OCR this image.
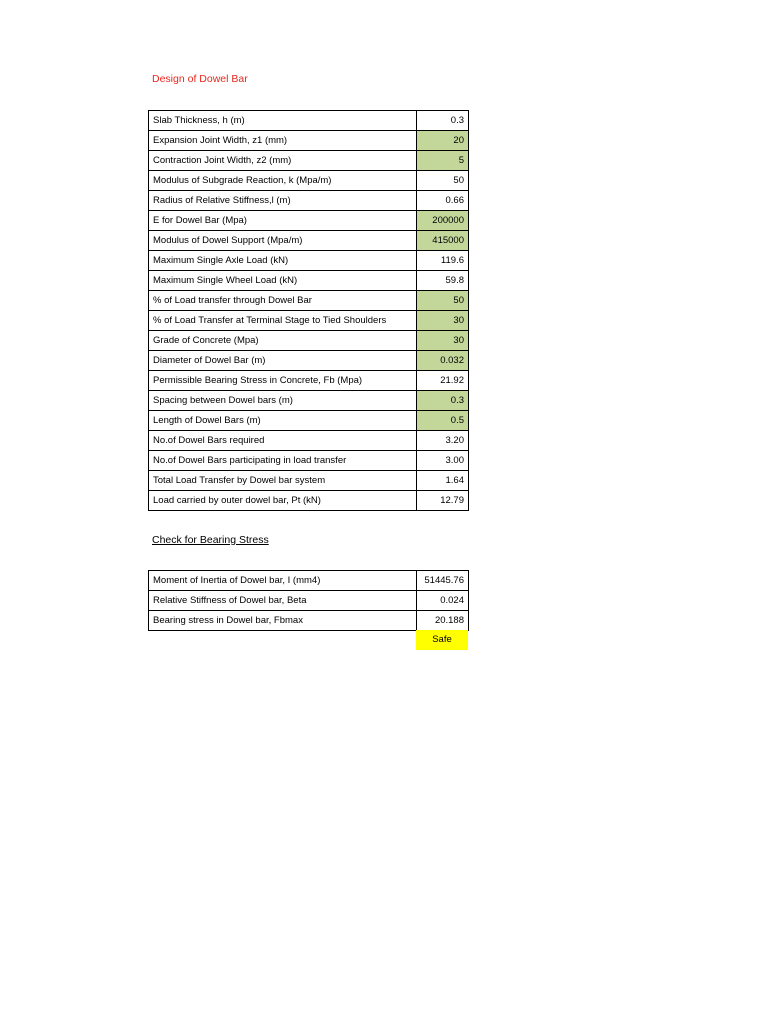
Design of Dowel Bar
Slab Thickness, h (m)	0.3
Expansion Joint Width, z1 (mm)	20
Contraction Joint Width, z2 (mm)	5
Modulus of Subgrade Reaction, k (Mpa/m)	50
Radius of Relative Stiffness,l (m)	0.66
E for Dowel Bar (Mpa)	200000
Modulus of Dowel Support (Mpa/m)	415000
Maximum Single Axle Load (kN)	119.6
Maximum Single Wheel Load (kN)	59.8
% of Load transfer through Dowel Bar	50
% of Load Transfer at Terminal Stage to Tied Shoulders	30
Grade of Concrete (Mpa)	30
Diameter of Dowel Bar (m)	0.032
Permissible Bearing Stress in Concrete, Fb (Mpa)	21.92
Spacing between Dowel bars (m)	0.3
Length of Dowel Bars (m)	0.5
No.of Dowel Bars required	3.20
No.of Dowel Bars participating in load transfer	3.00
Total Load Transfer by Dowel bar system	1.64
Load carried by outer dowel bar, Pt (kN)	12.79
Check for Bearing Stress
Moment of Inertia of Dowel bar, I (mm4)	51445.76
Relative Stiffness of Dowel bar, Beta	0.024
Bearing stress in Dowel bar, Fbmax	20.188
Safe
